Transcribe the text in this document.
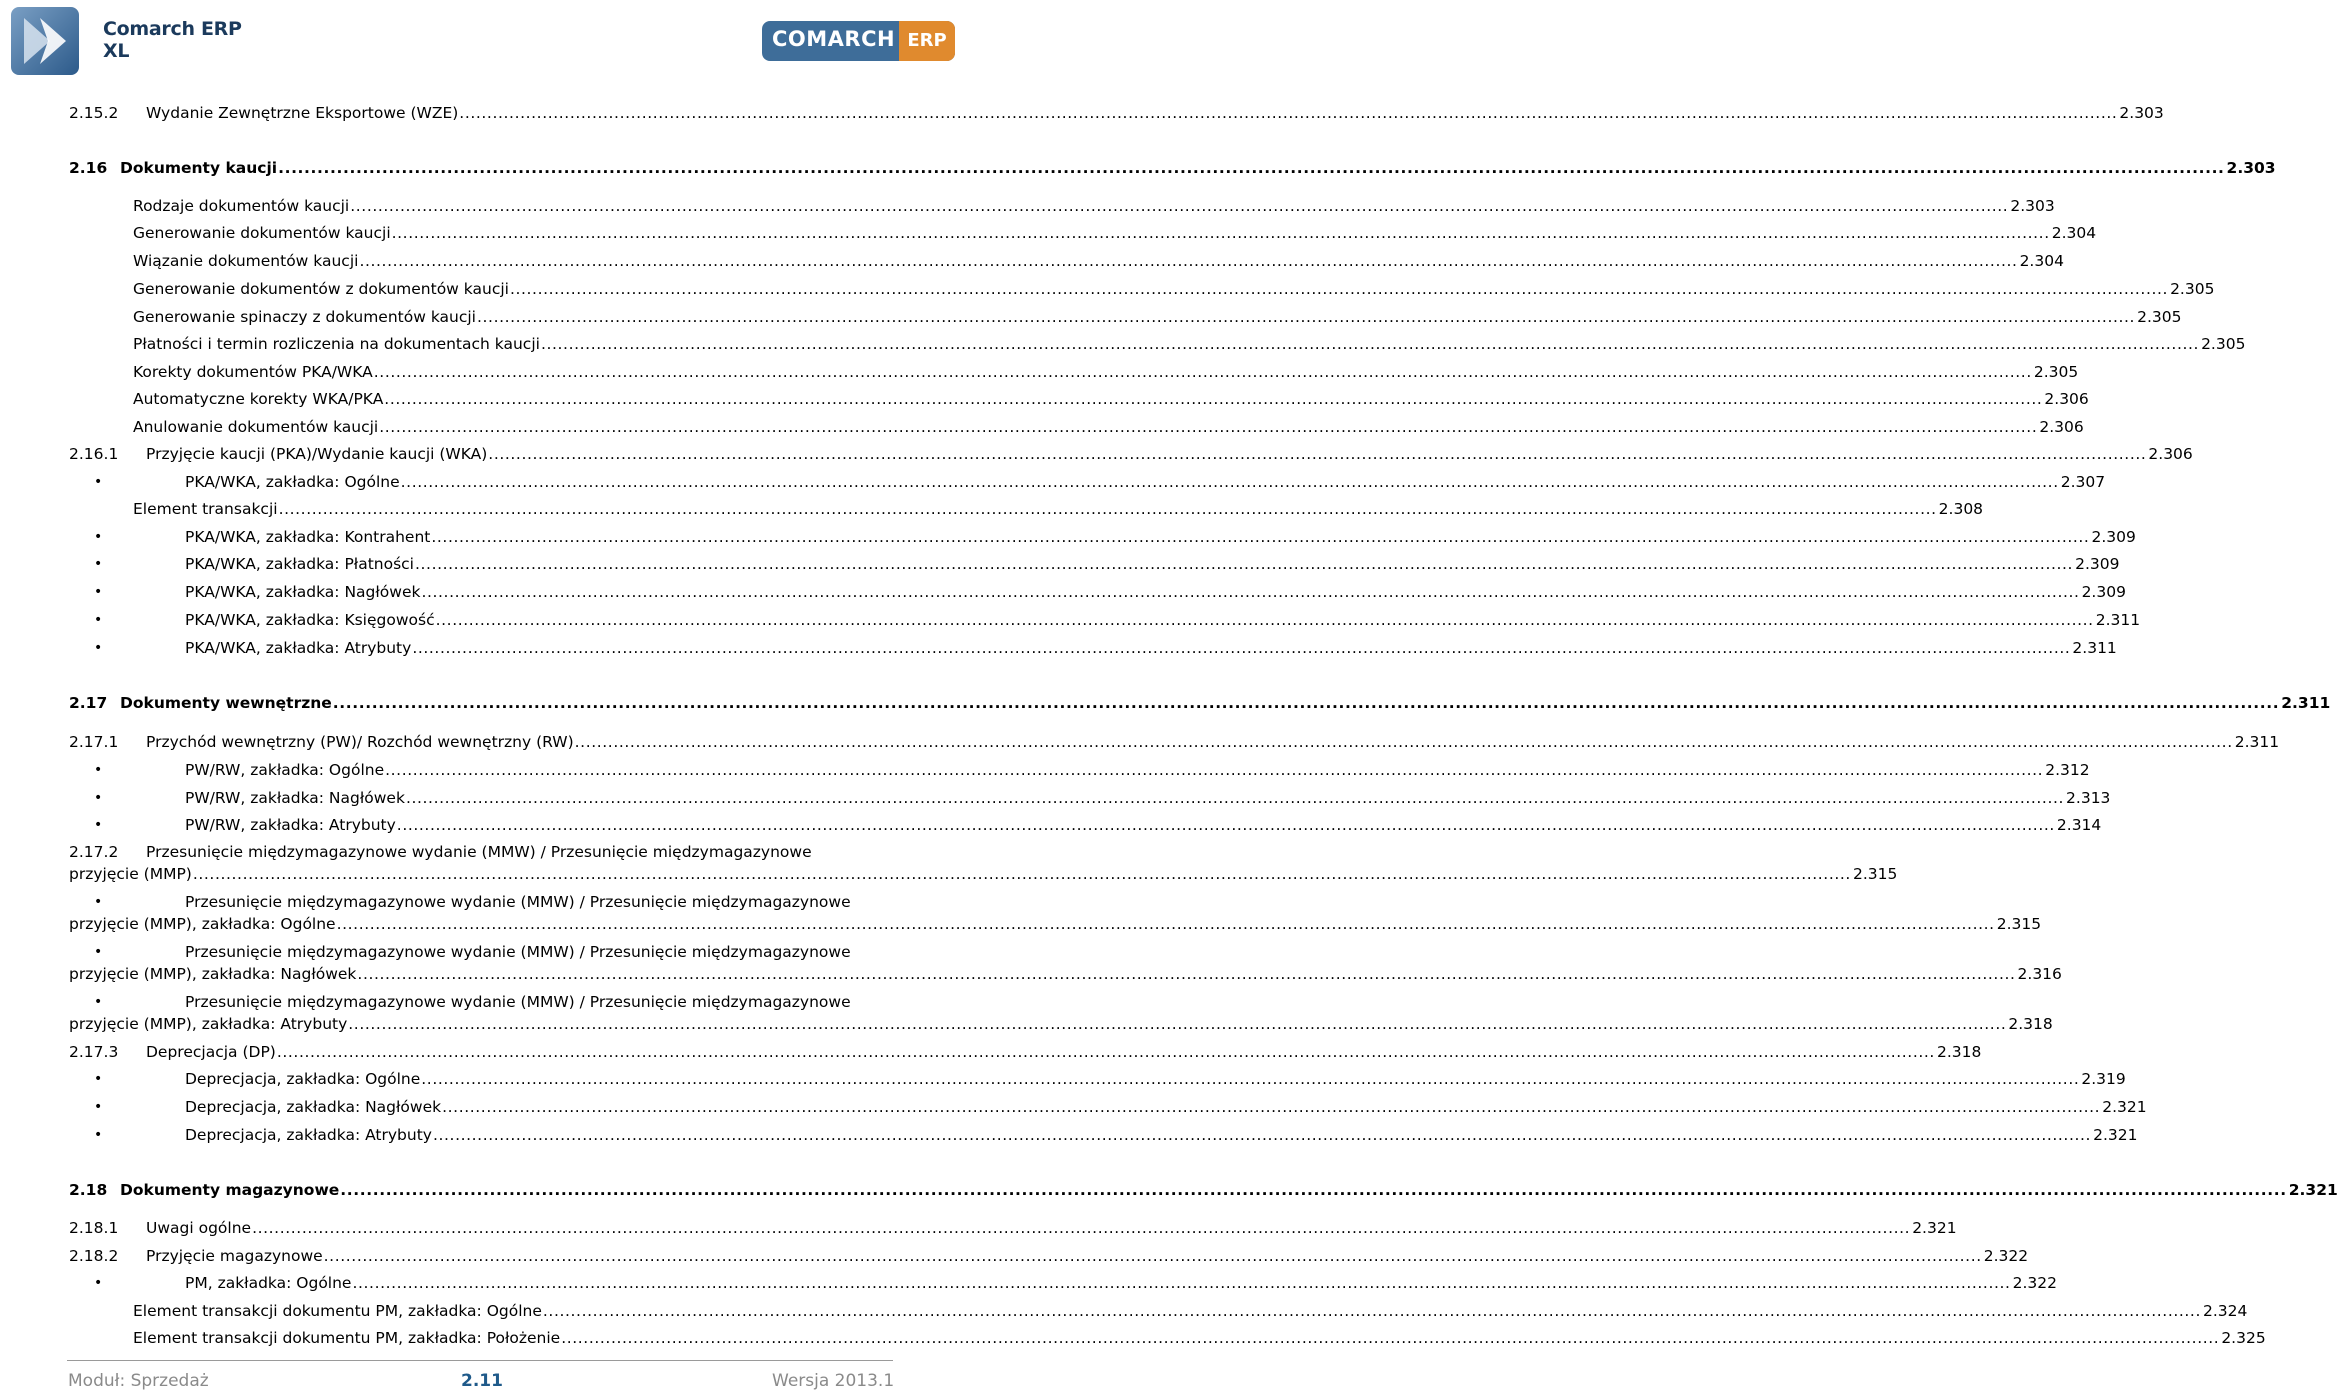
Comarch ERP
XL	COMARCH ERP
2.15.2 Wydanie Zewnętrzne Eksportowe (WZE) ............................................................................................................................................................................................................................................................................................................ 2.303
2.16 Dokumenty kaucji ............................................................................................................................................................................................................................................................................................................ 2.303
Rodzaje dokumentów kaucji ............................................................................................................................................................................................................................................................................................................ 2.303
Generowanie dokumentów kaucji ............................................................................................................................................................................................................................................................................................................ 2.304
Wiązanie dokumentów kaucji ............................................................................................................................................................................................................................................................................................................ 2.304
Generowanie dokumentów z dokumentów kaucji ............................................................................................................................................................................................................................................................................................................ 2.305
Generowanie spinaczy z dokumentów kaucji ............................................................................................................................................................................................................................................................................................................ 2.305
Płatności i termin rozliczenia na dokumentach kaucji ............................................................................................................................................................................................................................................................................................................ 2.305
Korekty dokumentów PKA/WKA ............................................................................................................................................................................................................................................................................................................ 2.305
Automatyczne korekty WKA/PKA ............................................................................................................................................................................................................................................................................................................ 2.306
Anulowanie dokumentów kaucji ............................................................................................................................................................................................................................................................................................................ 2.306
2.16.1 Przyjęcie kaucji (PKA)/Wydanie kaucji (WKA) ............................................................................................................................................................................................................................................................................................................ 2.306
•	PKA/WKA, zakładka: Ogólne ............................................................................................................................................................................................................................................................................................................ 2.307
Element transakcji ............................................................................................................................................................................................................................................................................................................ 2.308
•	PKA/WKA, zakładka: Kontrahent ............................................................................................................................................................................................................................................................................................................ 2.309
•	PKA/WKA, zakładka: Płatności ............................................................................................................................................................................................................................................................................................................ 2.309
•	PKA/WKA, zakładka: Nagłówek ............................................................................................................................................................................................................................................................................................................ 2.309
•	PKA/WKA, zakładka: Księgowość ............................................................................................................................................................................................................................................................................................................ 2.311
•	PKA/WKA, zakładka: Atrybuty ............................................................................................................................................................................................................................................................................................................ 2.311
2.17 Dokumenty wewnętrzne ............................................................................................................................................................................................................................................................................................................ 2.311
2.17.1 Przychód wewnętrzny (PW)/ Rozchód wewnętrzny (RW) ............................................................................................................................................................................................................................................................................................................ 2.311
•	PW/RW, zakładka: Ogólne ............................................................................................................................................................................................................................................................................................................ 2.312
•	PW/RW, zakładka: Nagłówek ............................................................................................................................................................................................................................................................................................................ 2.313
•	PW/RW, zakładka: Atrybuty ............................................................................................................................................................................................................................................................................................................ 2.314
2.17.2 Przesunięcie międzymagazynowe wydanie (MMW) / Przesunięcie międzymagazynowe
przyjęcie (MMP) ............................................................................................................................................................................................................................................................................................................ 2.315
•	Przesunięcie międzymagazynowe wydanie (MMW) / Przesunięcie międzymagazynowe
przyjęcie (MMP), zakładka: Ogólne ............................................................................................................................................................................................................................................................................................................ 2.315
•	Przesunięcie międzymagazynowe wydanie (MMW) / Przesunięcie międzymagazynowe
przyjęcie (MMP), zakładka: Nagłówek ............................................................................................................................................................................................................................................................................................................ 2.316
•	Przesunięcie międzymagazynowe wydanie (MMW) / Przesunięcie międzymagazynowe
przyjęcie (MMP), zakładka: Atrybuty ............................................................................................................................................................................................................................................................................................................ 2.318
2.17.3 Deprecjacja (DP) ............................................................................................................................................................................................................................................................................................................ 2.318
•	Deprecjacja, zakładka: Ogólne ............................................................................................................................................................................................................................................................................................................ 2.319
•	Deprecjacja, zakładka: Nagłówek ............................................................................................................................................................................................................................................................................................................ 2.321
•	Deprecjacja, zakładka: Atrybuty ............................................................................................................................................................................................................................................................................................................ 2.321
2.18 Dokumenty magazynowe ............................................................................................................................................................................................................................................................................................................ 2.321
2.18.1 Uwagi ogólne ............................................................................................................................................................................................................................................................................................................ 2.321
2.18.2 Przyjęcie magazynowe ............................................................................................................................................................................................................................................................................................................ 2.322
•	PM, zakładka: Ogólne ............................................................................................................................................................................................................................................................................................................ 2.322
Element transakcji dokumentu PM, zakładka: Ogólne ............................................................................................................................................................................................................................................................................................................ 2.324
Element transakcji dokumentu PM, zakładka: Położenie ............................................................................................................................................................................................................................................................................................................ 2.325
Moduł: Sprzedaż	2.11	Wersja 2013.1
